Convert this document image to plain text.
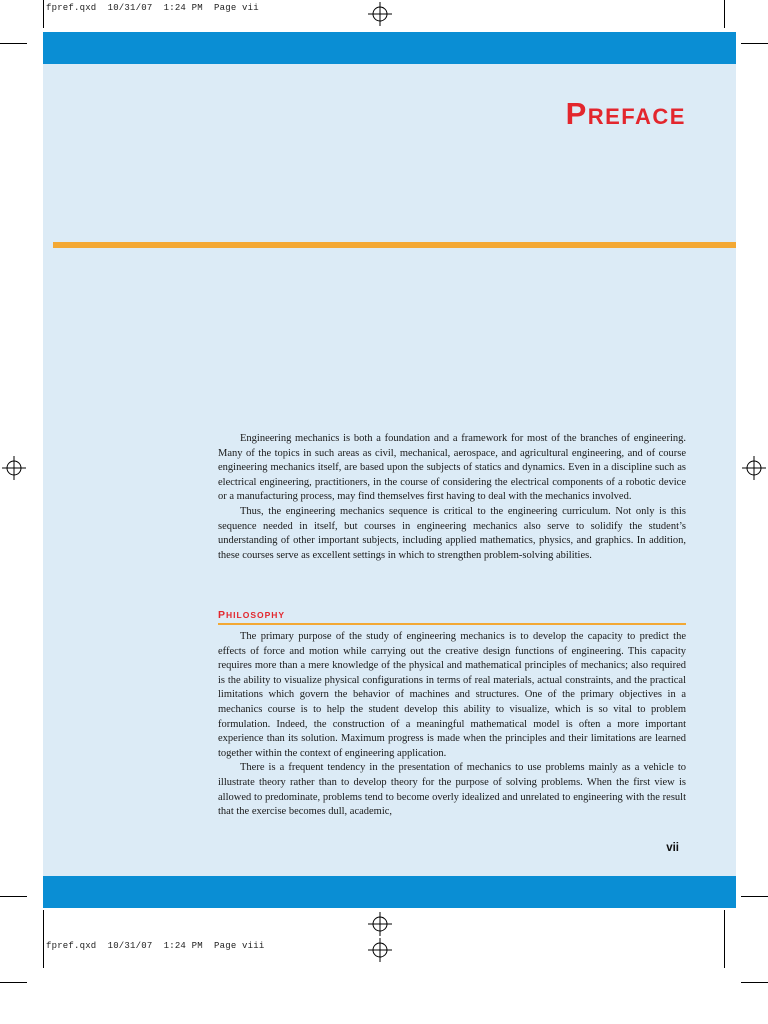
fpref.qxd  10/31/07  1:24 PM  Page vii
PREFACE

Engineering mechanics is both a foundation and a framework for most of the branches of engineering. Many of the topics in such areas as civil, mechanical, aerospace, and agricultural engineering, and of course engineering mechanics itself, are based upon the subjects of statics and dynamics. Even in a discipline such as electrical engineering, practitioners, in the course of considering the electrical components of a robotic device or a manufacturing process, may find themselves first having to deal with the mechanics involved.

Thus, the engineering mechanics sequence is critical to the engineering curriculum. Not only is this sequence needed in itself, but courses in engineering mechanics also serve to solidify the student’s understanding of other important subjects, including applied mathematics, physics, and graphics. In addition, these courses serve as excellent settings in which to strengthen problem-solving abilities.

PHILOSOPHY

The primary purpose of the study of engineering mechanics is to develop the capacity to predict the effects of force and motion while carrying out the creative design functions of engineering. This capacity requires more than a mere knowledge of the physical and mathematical principles of mechanics; also required is the ability to visualize physical configurations in terms of real materials, actual constraints, and the practical limitations which govern the behavior of machines and structures. One of the primary objectives in a mechanics course is to help the student develop this ability to visualize, which is so vital to problem formulation. Indeed, the construction of a meaningful mathematical model is often a more important experience than its solution. Maximum progress is made when the principles and their limitations are learned together within the context of engineering application.

There is a frequent tendency in the presentation of mechanics to use problems mainly as a vehicle to illustrate theory rather than to develop theory for the purpose of solving problems. When the first view is allowed to predominate, problems tend to become overly idealized and unrelated to engineering with the result that the exercise becomes dull, academic,

vii
fpref.qxd  10/31/07  1:24 PM  Page viii
